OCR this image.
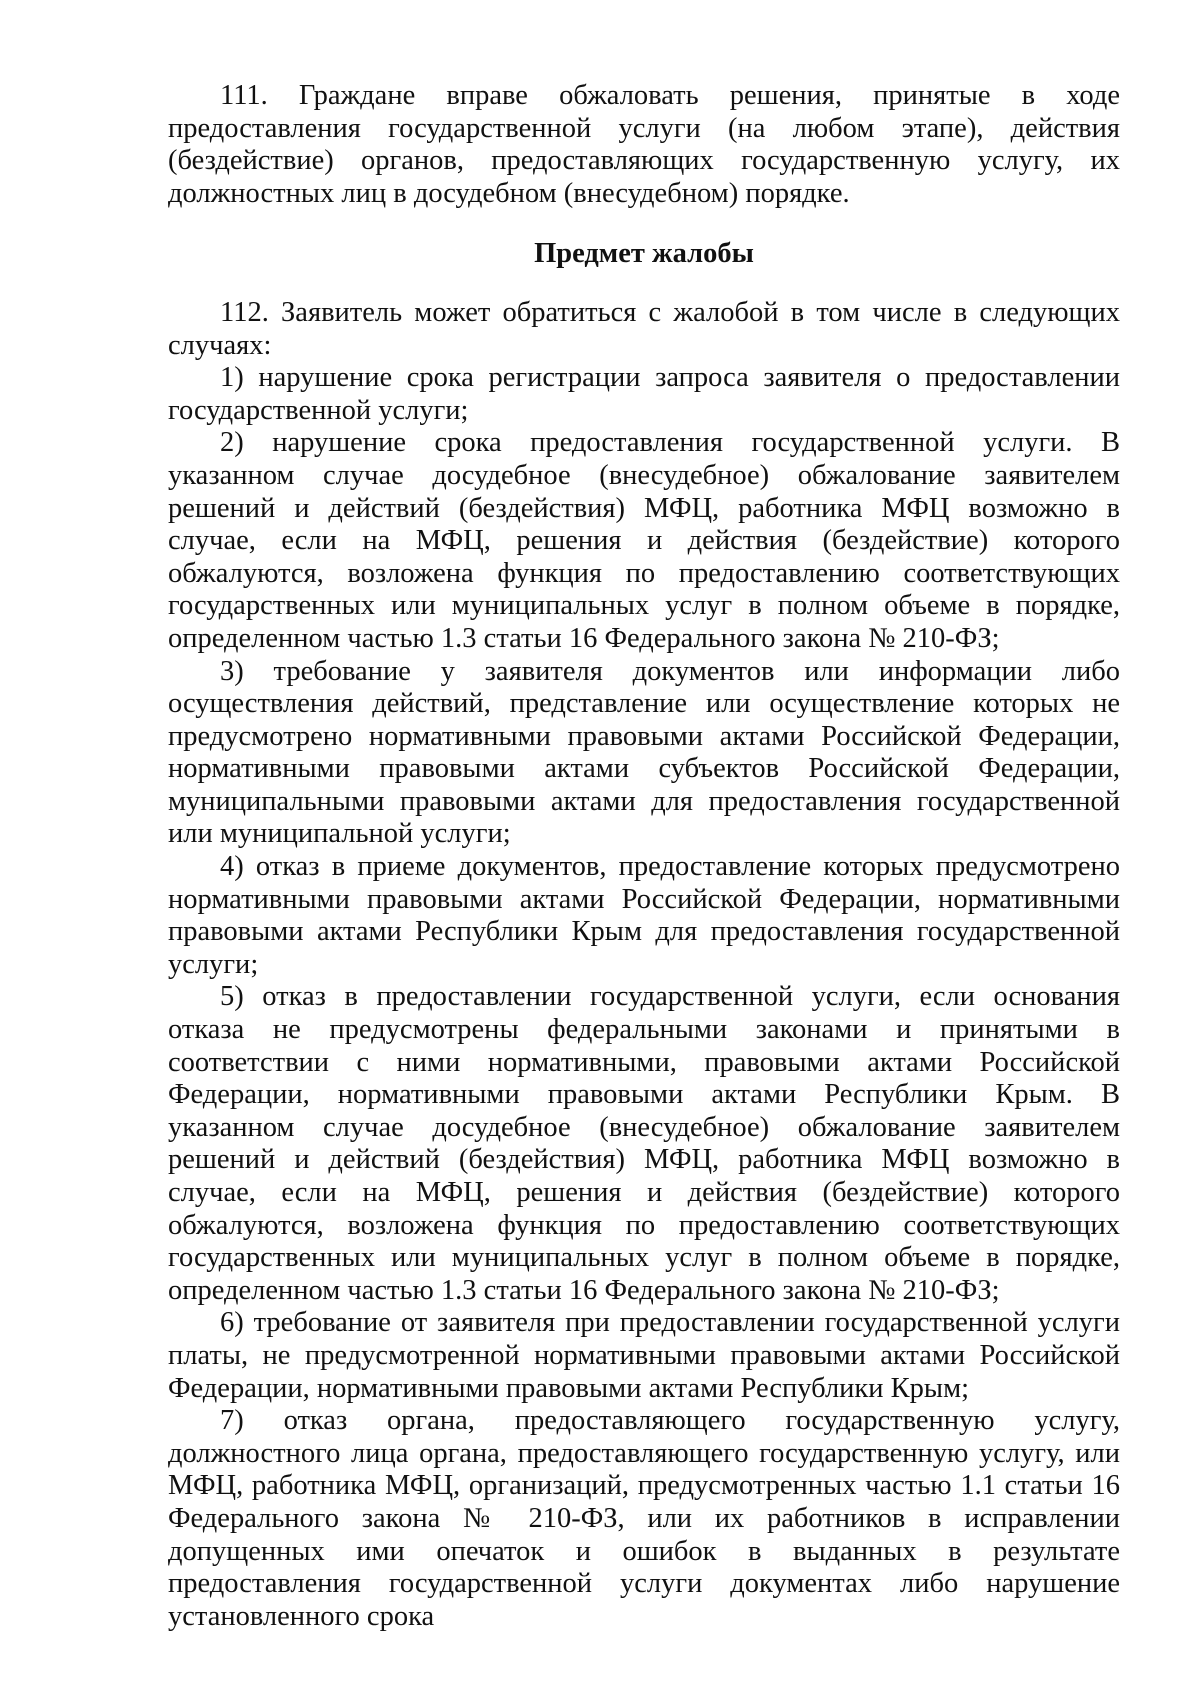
111. Граждане вправе обжаловать решения, принятые в ходе предоставления государственной услуги (на любом этапе), действия (бездействие) органов, предоставляющих государственную услугу, их должностных лиц в досудебном (внесудебном) порядке.

Предмет жалобы

112. Заявитель может обратиться с жалобой в том числе в следующих случаях:

1) нарушение срока регистрации запроса заявителя о предоставлении государственной услуги;

2) нарушение срока предоставления государственной услуги. В указанном случае досудебное (внесудебное) обжалование заявителем решений и действий (бездействия) МФЦ, работника МФЦ возможно в случае, если на МФЦ, решения и действия (бездействие) которого обжалуются, возложена функция по предоставлению соответствующих государственных или муниципальных услуг в полном объеме в порядке, определенном частью 1.3 статьи 16 Федерального закона № 210-ФЗ;

3) требование у заявителя документов или информации либо осуществления действий, представление или осуществление которых не предусмотрено нормативными правовыми актами Российской Федерации, нормативными правовыми актами субъектов Российской Федерации, муниципальными правовыми актами для предоставления государственной или муниципальной услуги;

4) отказ в приеме документов, предоставление которых предусмотрено нормативными правовыми актами Российской Федерации, нормативными правовыми актами Республики Крым для предоставления государственной услуги;

5) отказ в предоставлении государственной услуги, если основания отказа не предусмотрены федеральными законами и принятыми в соответствии с ними нормативными, правовыми актами Российской Федерации, нормативными правовыми актами Республики Крым. В указанном случае досудебное (внесудебное) обжалование заявителем решений и действий (бездействия) МФЦ, работника МФЦ возможно в случае, если на МФЦ, решения и действия (бездействие) которого обжалуются, возложена функция по предоставлению соответствующих государственных или муниципальных услуг в полном объеме в порядке, определенном частью 1.3 статьи 16 Федерального закона № 210-ФЗ;

6) требование от заявителя при предоставлении государственной услуги платы, не предусмотренной нормативными правовыми актами Российской Федерации, нормативными правовыми актами Республики Крым;

7) отказ органа, предоставляющего государственную услугу, должностного лица органа, предоставляющего государственную услугу, или МФЦ, работника МФЦ, организаций, предусмотренных частью 1.1 статьи 16 Федерального закона № 210-ФЗ, или их работников в исправлении допущенных ими опечаток и ошибок в выданных в результате предоставления государственной услуги документах либо нарушение установленного срока
